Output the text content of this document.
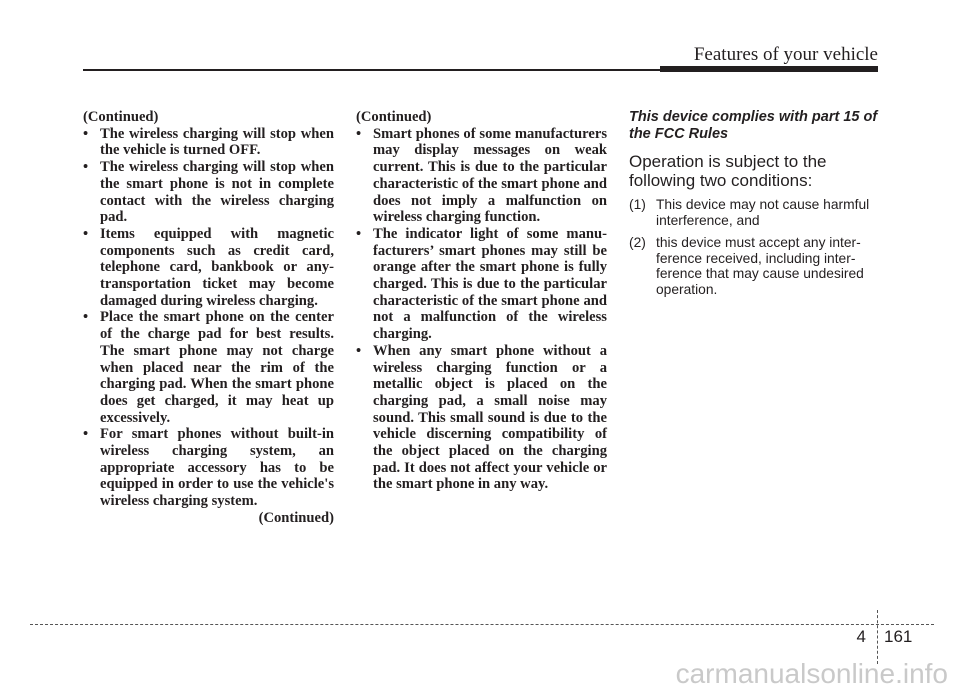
Features of your vehicle

(Continued)

• The wireless charging will stop when the vehicle is turned OFF.
• The wireless charging will stop when the smart phone is not in complete contact with the wireless charging pad.
• Items equipped with magnetic components such as credit card, telephone card, bankbook or anytransportation ticket may become damaged during wireless charging.
• Place the smart phone on the center of the charge pad for best results. The smart phone may not charge when placed near the rim of the charging pad. When the smart phone does get charged, it may heat up excessively.
• For smart phones without built-in wireless charging system, an appropriate accessory has to be equipped in order to use the vehicle's wireless charging system.

(Continued)

(Continued)

• Smart phones of some manufacturers may display messages on weak current. This is due to the particular characteristic of the smart phone and does not imply a malfunction on wireless charging function.
• The indicator light of some manufacturers’ smart phones may still be orange after the smart phone is fully charged. This is due to the particular characteristic of the smart phone and not a malfunction of the wireless charging.
• When any smart phone without a wireless charging function or a metallic object is placed on the charging pad, a small noise may sound. This small sound is due to the vehicle discerning compatibility of the object placed on the charging pad. It does not affect your vehicle or the smart phone in any way.

This device complies with part 15 of the FCC Rules

Operation is subject to the following two conditions:

(1) This device may not cause harmful interference, and
(2) this device must accept any interference received, including interference that may cause undesired operation.
4 161
carmanualsonline.info
